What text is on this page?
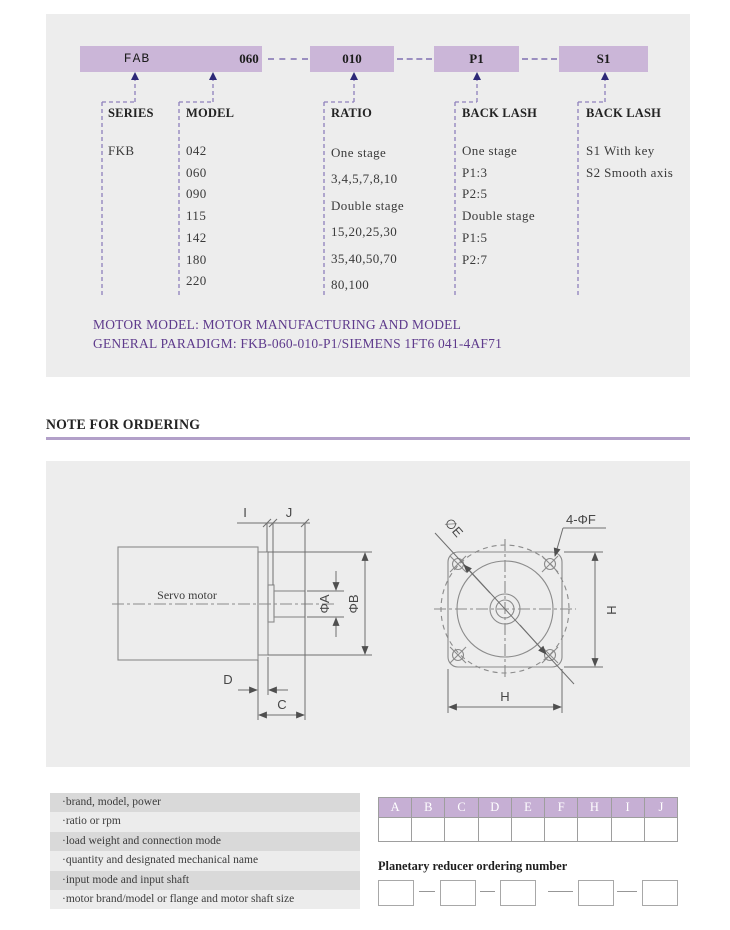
FAB	060	010	P1	S1
SERIES
FKB
MODEL
042
060
090
115
142
180
220
RATIO
One stage
3,4,5,7,8,10
Double stage
15,20,25,30
35,40,50,70
80,100
BACK LASH
One stage
P1:3
P2:5
Double stage
P1:5
P2:7
BACK LASH
S1 With key
S2 Smooth axis
MOTOR MODEL: MOTOR MANUFACTURING AND MODEL
GENERAL PARADIGM: FKB-060-010-P1/SIEMENS 1FT6 041-4AF71
NOTE FOR ORDERING
Servo motor
I	J
ΦA ΦB
D
C
∅E	4-ΦF
H
H
·brand, model, power
·ratio or rpm
·load weight and connection mode
·quantity and designated mechanical name
·input mode and input shaft
·motor brand/model or flange and motor shaft size
A	B	C	D	E	F	H	I	J

Planetary reducer ordering number
